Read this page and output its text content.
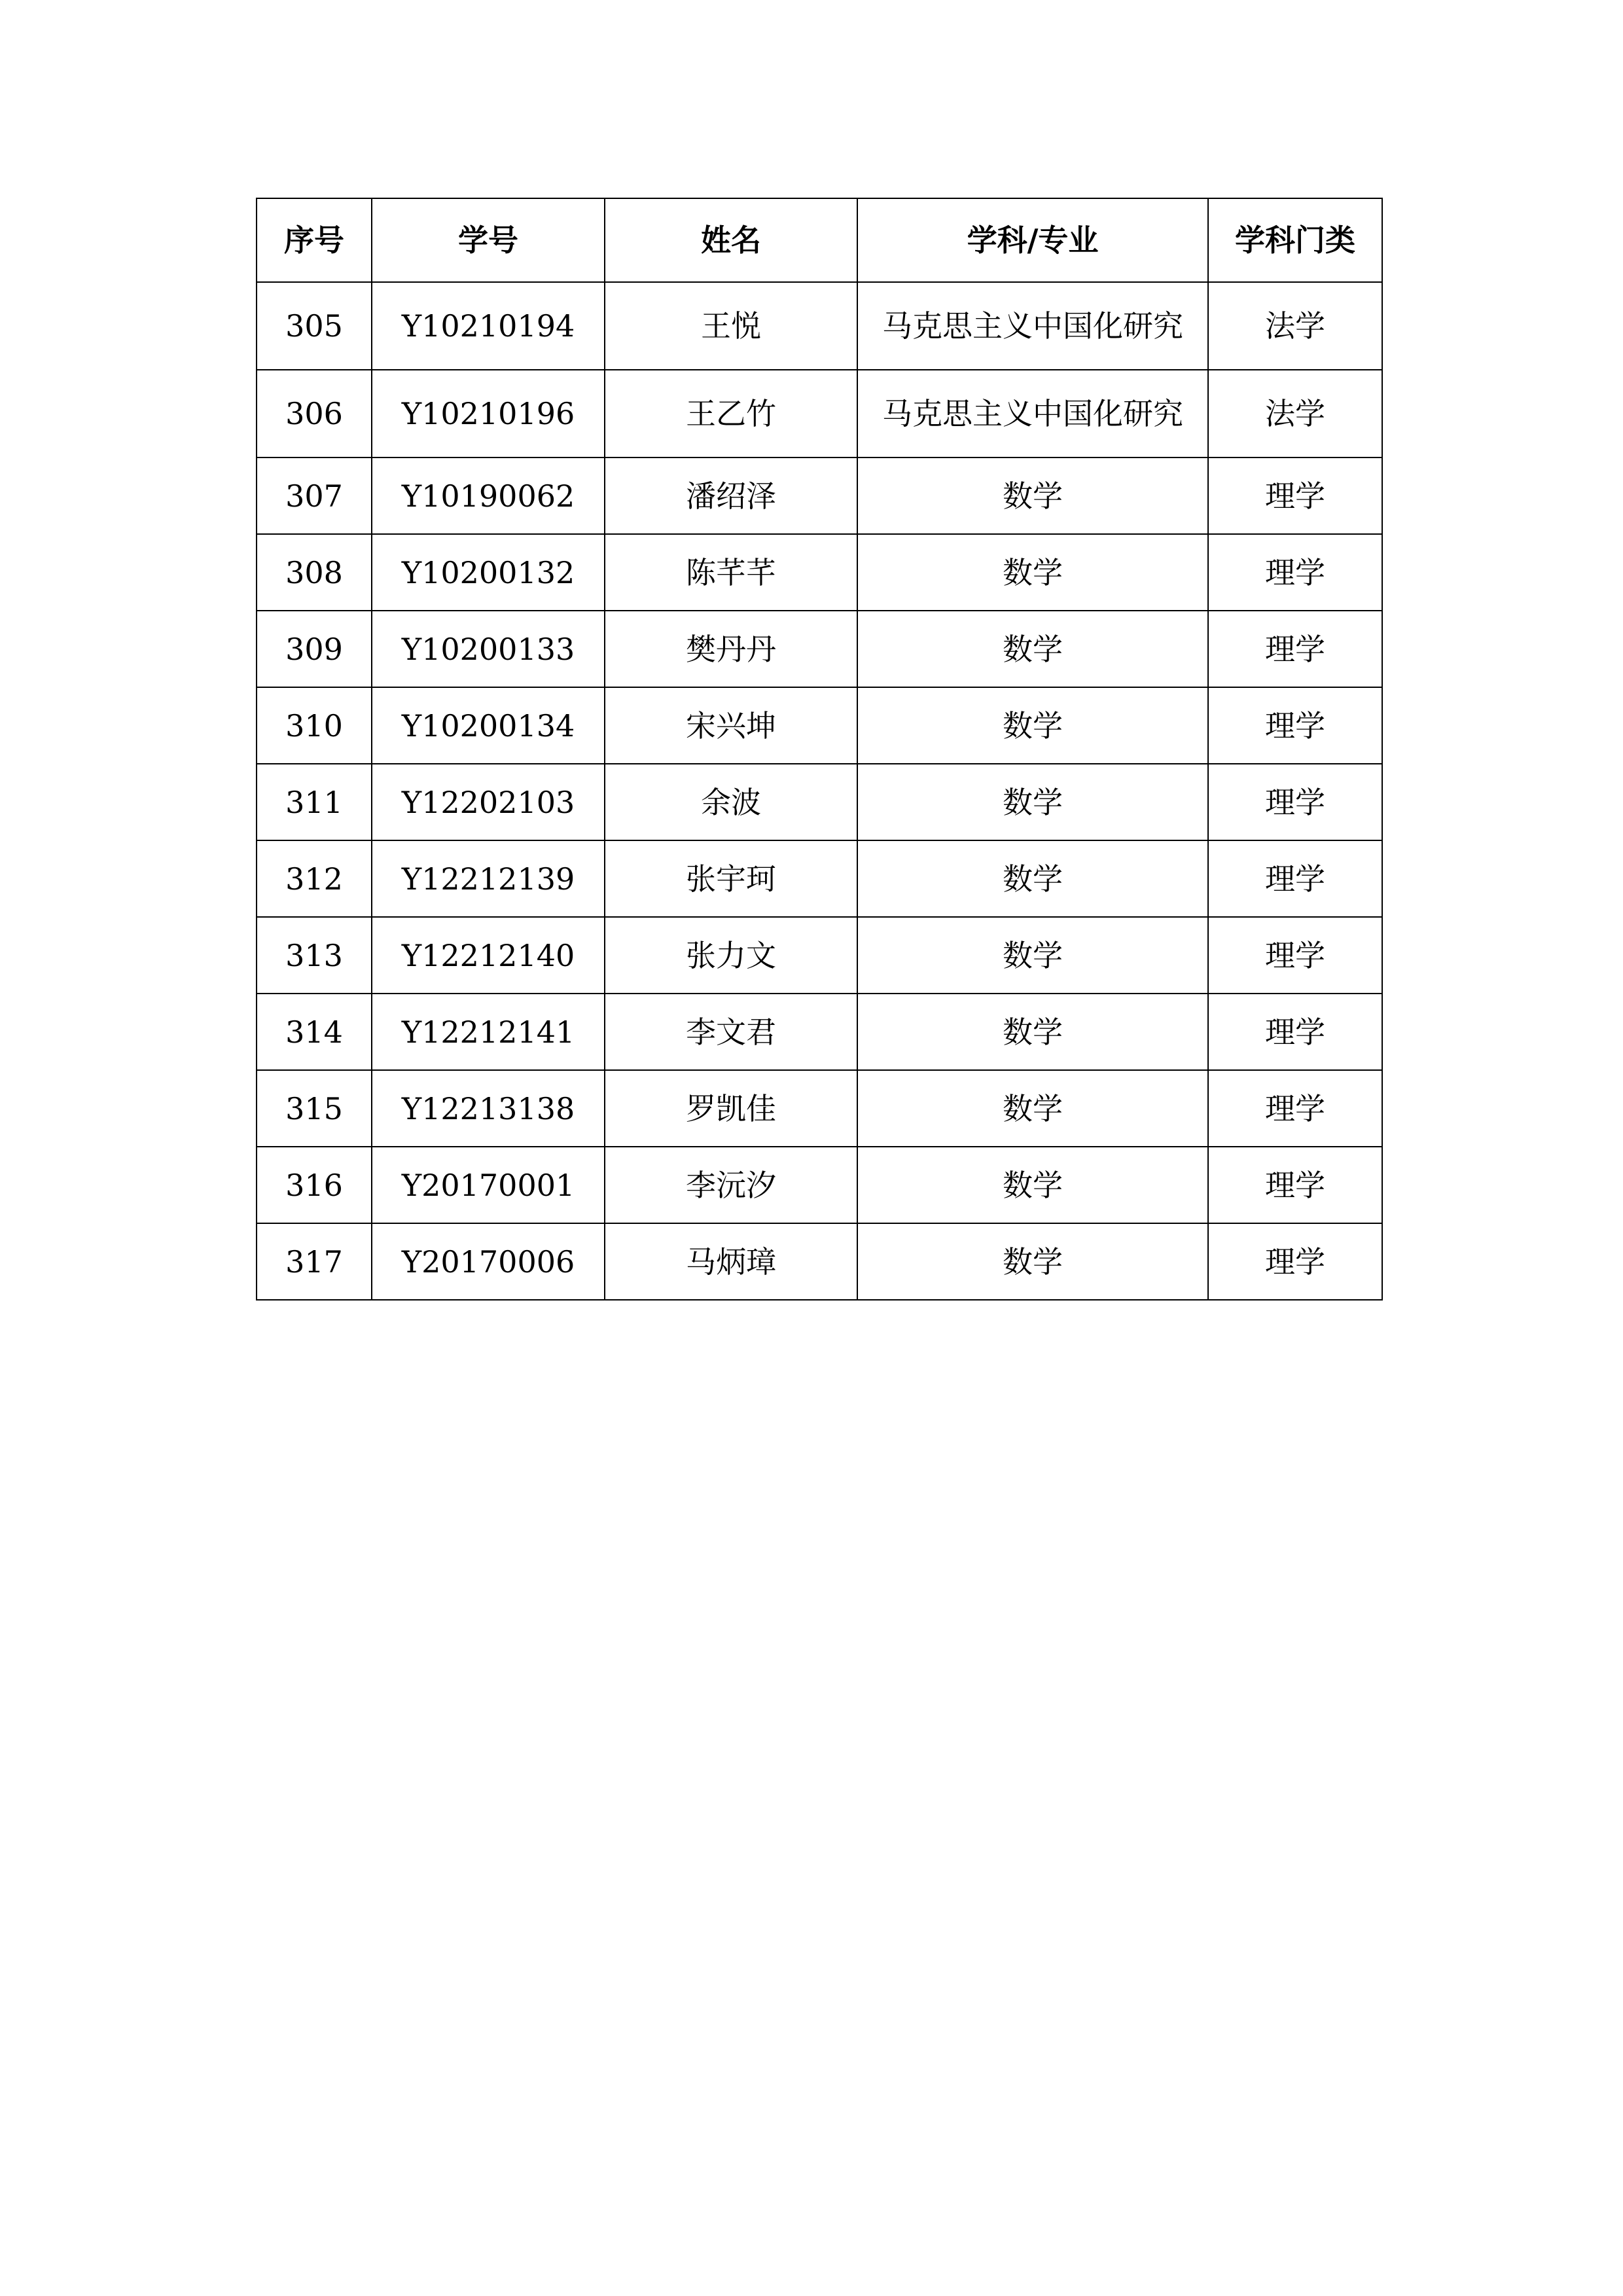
序号	学号	姓名	学科/专业	学科门类
305	Y10210194	王悦	马克思主义中国化研究	法学
306	Y10210196	王乙竹	马克思主义中国化研究	法学
307	Y10190062	潘绍泽	数学	理学
308	Y10200132	陈芊芊	数学	理学
309	Y10200133	樊丹丹	数学	理学
310	Y10200134	宋兴坤	数学	理学
311	Y12202103	余波	数学	理学
312	Y12212139	张宇珂	数学	理学
313	Y12212140	张力文	数学	理学
314	Y12212141	李文君	数学	理学
315	Y12213138	罗凯佳	数学	理学
316	Y20170001	李沅汐	数学	理学
317	Y20170006	马炳璋	数学	理学
